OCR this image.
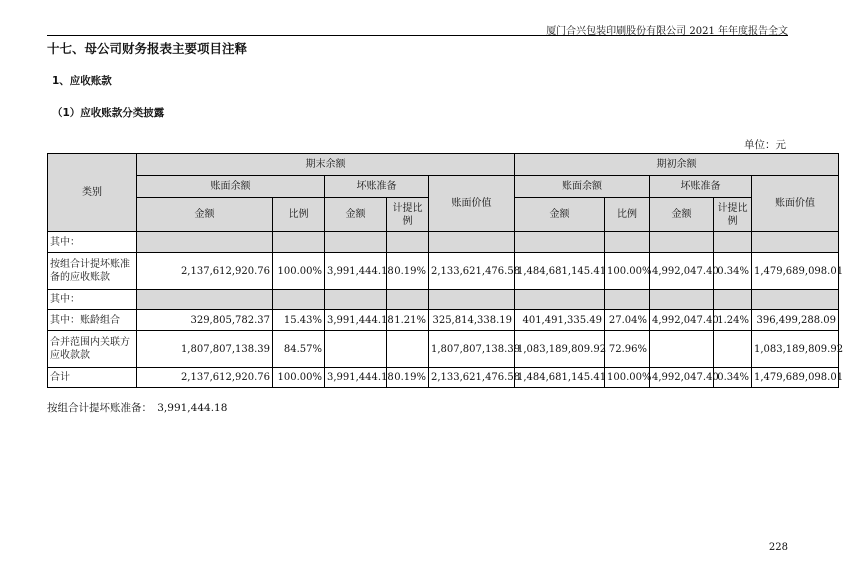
厦门合兴包装印刷股份有限公司 2021 年年度报告全文
十七、母公司财务报表主要项目注释
1、应收账款
（1）应收账款分类披露
单位：元
类别	期末余额					期初余额				
	账面余额		坏账准备		账面价值	账面余额		坏账准备		账面价值
	金额	比例	金额	计提比例		金额	比例	金额	计提比例	
其中：										
按组合计提坏账准备的应收账款	2,137,612,920.76	100.00%	3,991,444.18	0.19%	2,133,621,476.58	1,484,681,145.41	100.00%	4,992,047.40	0.34%	1,479,689,098.01
其中：										
其中：账龄组合	329,805,782.37	15.43%	3,991,444.18	1.21%	325,814,338.19	401,491,335.49	27.04%	4,992,047.40	1.24%	396,499,288.09
合并范围内关联方应收款款	1,807,807,138.39	84.57%			1,807,807,138.39	1,083,189,809.92	72.96%			1,083,189,809.92
合计	2,137,612,920.76	100.00%	3,991,444.18	0.19%	2,133,621,476.58	1,484,681,145.41	100.00%	4,992,047.40	0.34%	1,479,689,098.01
按组合计提坏账准备：　3,991,444.18
228
